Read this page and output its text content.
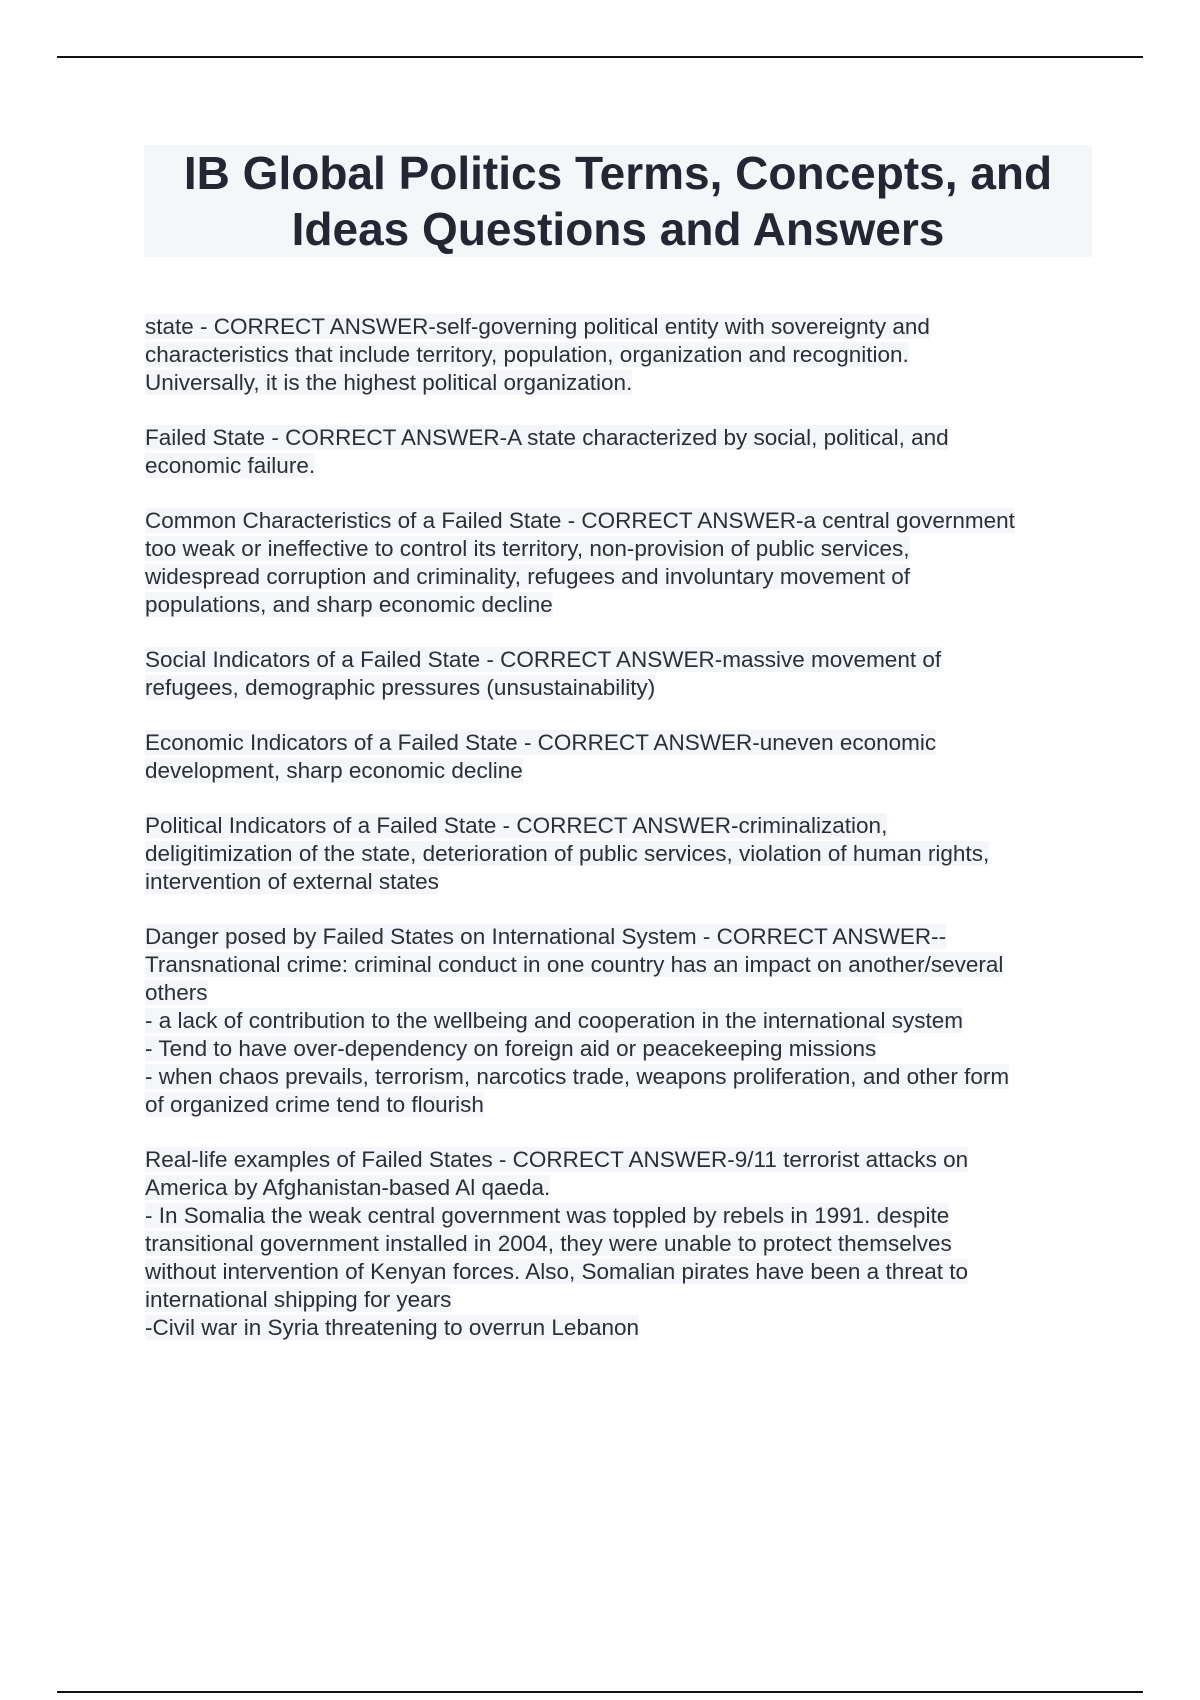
IB Global Politics Terms, Concepts, and
Ideas Questions and Answers
state - CORRECT ANSWER-self-governing political entity with sovereignty and
characteristics that include territory, population, organization and recognition.
Universally, it is the highest political organization.
Failed State - CORRECT ANSWER-A state characterized by social, political, and
economic failure.
Common Characteristics of a Failed State - CORRECT ANSWER-a central government
too weak or ineffective to control its territory, non-provision of public services,
widespread corruption and criminality, refugees and involuntary movement of
populations, and sharp economic decline
Social Indicators of a Failed State - CORRECT ANSWER-massive movement of
refugees, demographic pressures (unsustainability)
Economic Indicators of a Failed State - CORRECT ANSWER-uneven economic
development, sharp economic decline
Political Indicators of a Failed State - CORRECT ANSWER-criminalization,
deligitimization of the state, deterioration of public services, violation of human rights,
intervention of external states
Danger posed by Failed States on International System - CORRECT ANSWER--
Transnational crime: criminal conduct in one country has an impact on another/several
others
- a lack of contribution to the wellbeing and cooperation in the international system
- Tend to have over-dependency on foreign aid or peacekeeping missions
- when chaos prevails, terrorism, narcotics trade, weapons proliferation, and other form
of organized crime tend to flourish
Real-life examples of Failed States - CORRECT ANSWER-9/11 terrorist attacks on
America by Afghanistan-based Al qaeda.
- In Somalia the weak central government was toppled by rebels in 1991. despite
transitional government installed in 2004, they were unable to protect themselves
without intervention of Kenyan forces. Also, Somalian pirates have been a threat to
international shipping for years
-Civil war in Syria threatening to overrun Lebanon
